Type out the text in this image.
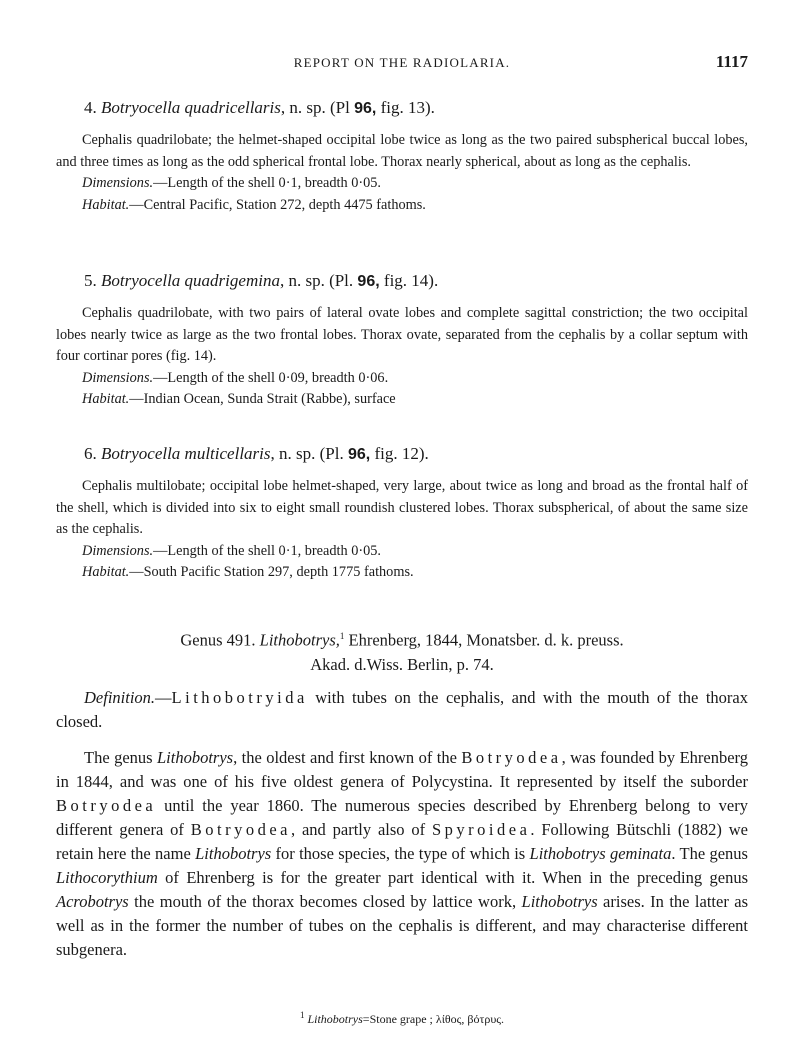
REPORT ON THE RADIOLARIA.	1117
4. Botryocella quadricellaris, n. sp. (Pl 96, fig. 13).
Cephalis quadrilobate; the helmet-shaped occipital lobe twice as long as the two paired subspherical buccal lobes, and three times as long as the odd spherical frontal lobe. Thorax nearly spherical, about as long as the cephalis.
Dimensions.—Length of the shell 0·1, breadth 0·05.
Habitat.—Central Pacific, Station 272, depth 4475 fathoms.
5. Botryocella quadrigemina, n. sp. (Pl. 96, fig. 14).
Cephalis quadrilobate, with two pairs of lateral ovate lobes and complete sagittal constriction; the two occipital lobes nearly twice as large as the two frontal lobes. Thorax ovate, separated from the cephalis by a collar septum with four cortinar pores (fig. 14).
Dimensions.—Length of the shell 0·09, breadth 0·06.
Habitat.—Indian Ocean, Sunda Strait (Rabbe), surface
6. Botryocella multicellaris, n. sp. (Pl. 96, fig. 12).
Cephalis multilobate; occipital lobe helmet-shaped, very large, about twice as long and broad as the frontal half of the shell, which is divided into six to eight small roundish clustered lobes. Thorax subspherical, of about the same size as the cephalis.
Dimensions.—Length of the shell 0·1, breadth 0·05.
Habitat.—South Pacific Station 297, depth 1775 fathoms.
Genus 491. Lithobotrys,$^1$ Ehrenberg, 1844, Monatsber. d. k. preuss.
Akad. d.Wiss. Berlin, p. 74.
Definition.—Lithobotryida with tubes on the cephalis, and with the mouth of the thorax closed.
The genus Lithobotrys, the oldest and first known of the Botryodea, was founded by Ehrenberg in 1844, and was one of his five oldest genera of Polycystina. It represented by itself the suborder Botryodea until the year 1860. The numerous species described by Ehrenberg belong to very different genera of Botryodea, and partly also of Spyroidea. Following Bütschli (1882) we retain here the name Lithobotrys for those species, the type of which is Lithobotrys geminata. The genus Lithocorythium of Ehrenberg is for the greater part identical with it. When in the preceding genus Acrobotrys the mouth of the thorax becomes closed by lattice work, Lithobotrys arises. In the latter as well as in the former the number of tubes on the cephalis is different, and may characterise different subgenera.
$^1$ Lithobotrys=Stone grape ; λίθος, βότρυς.
